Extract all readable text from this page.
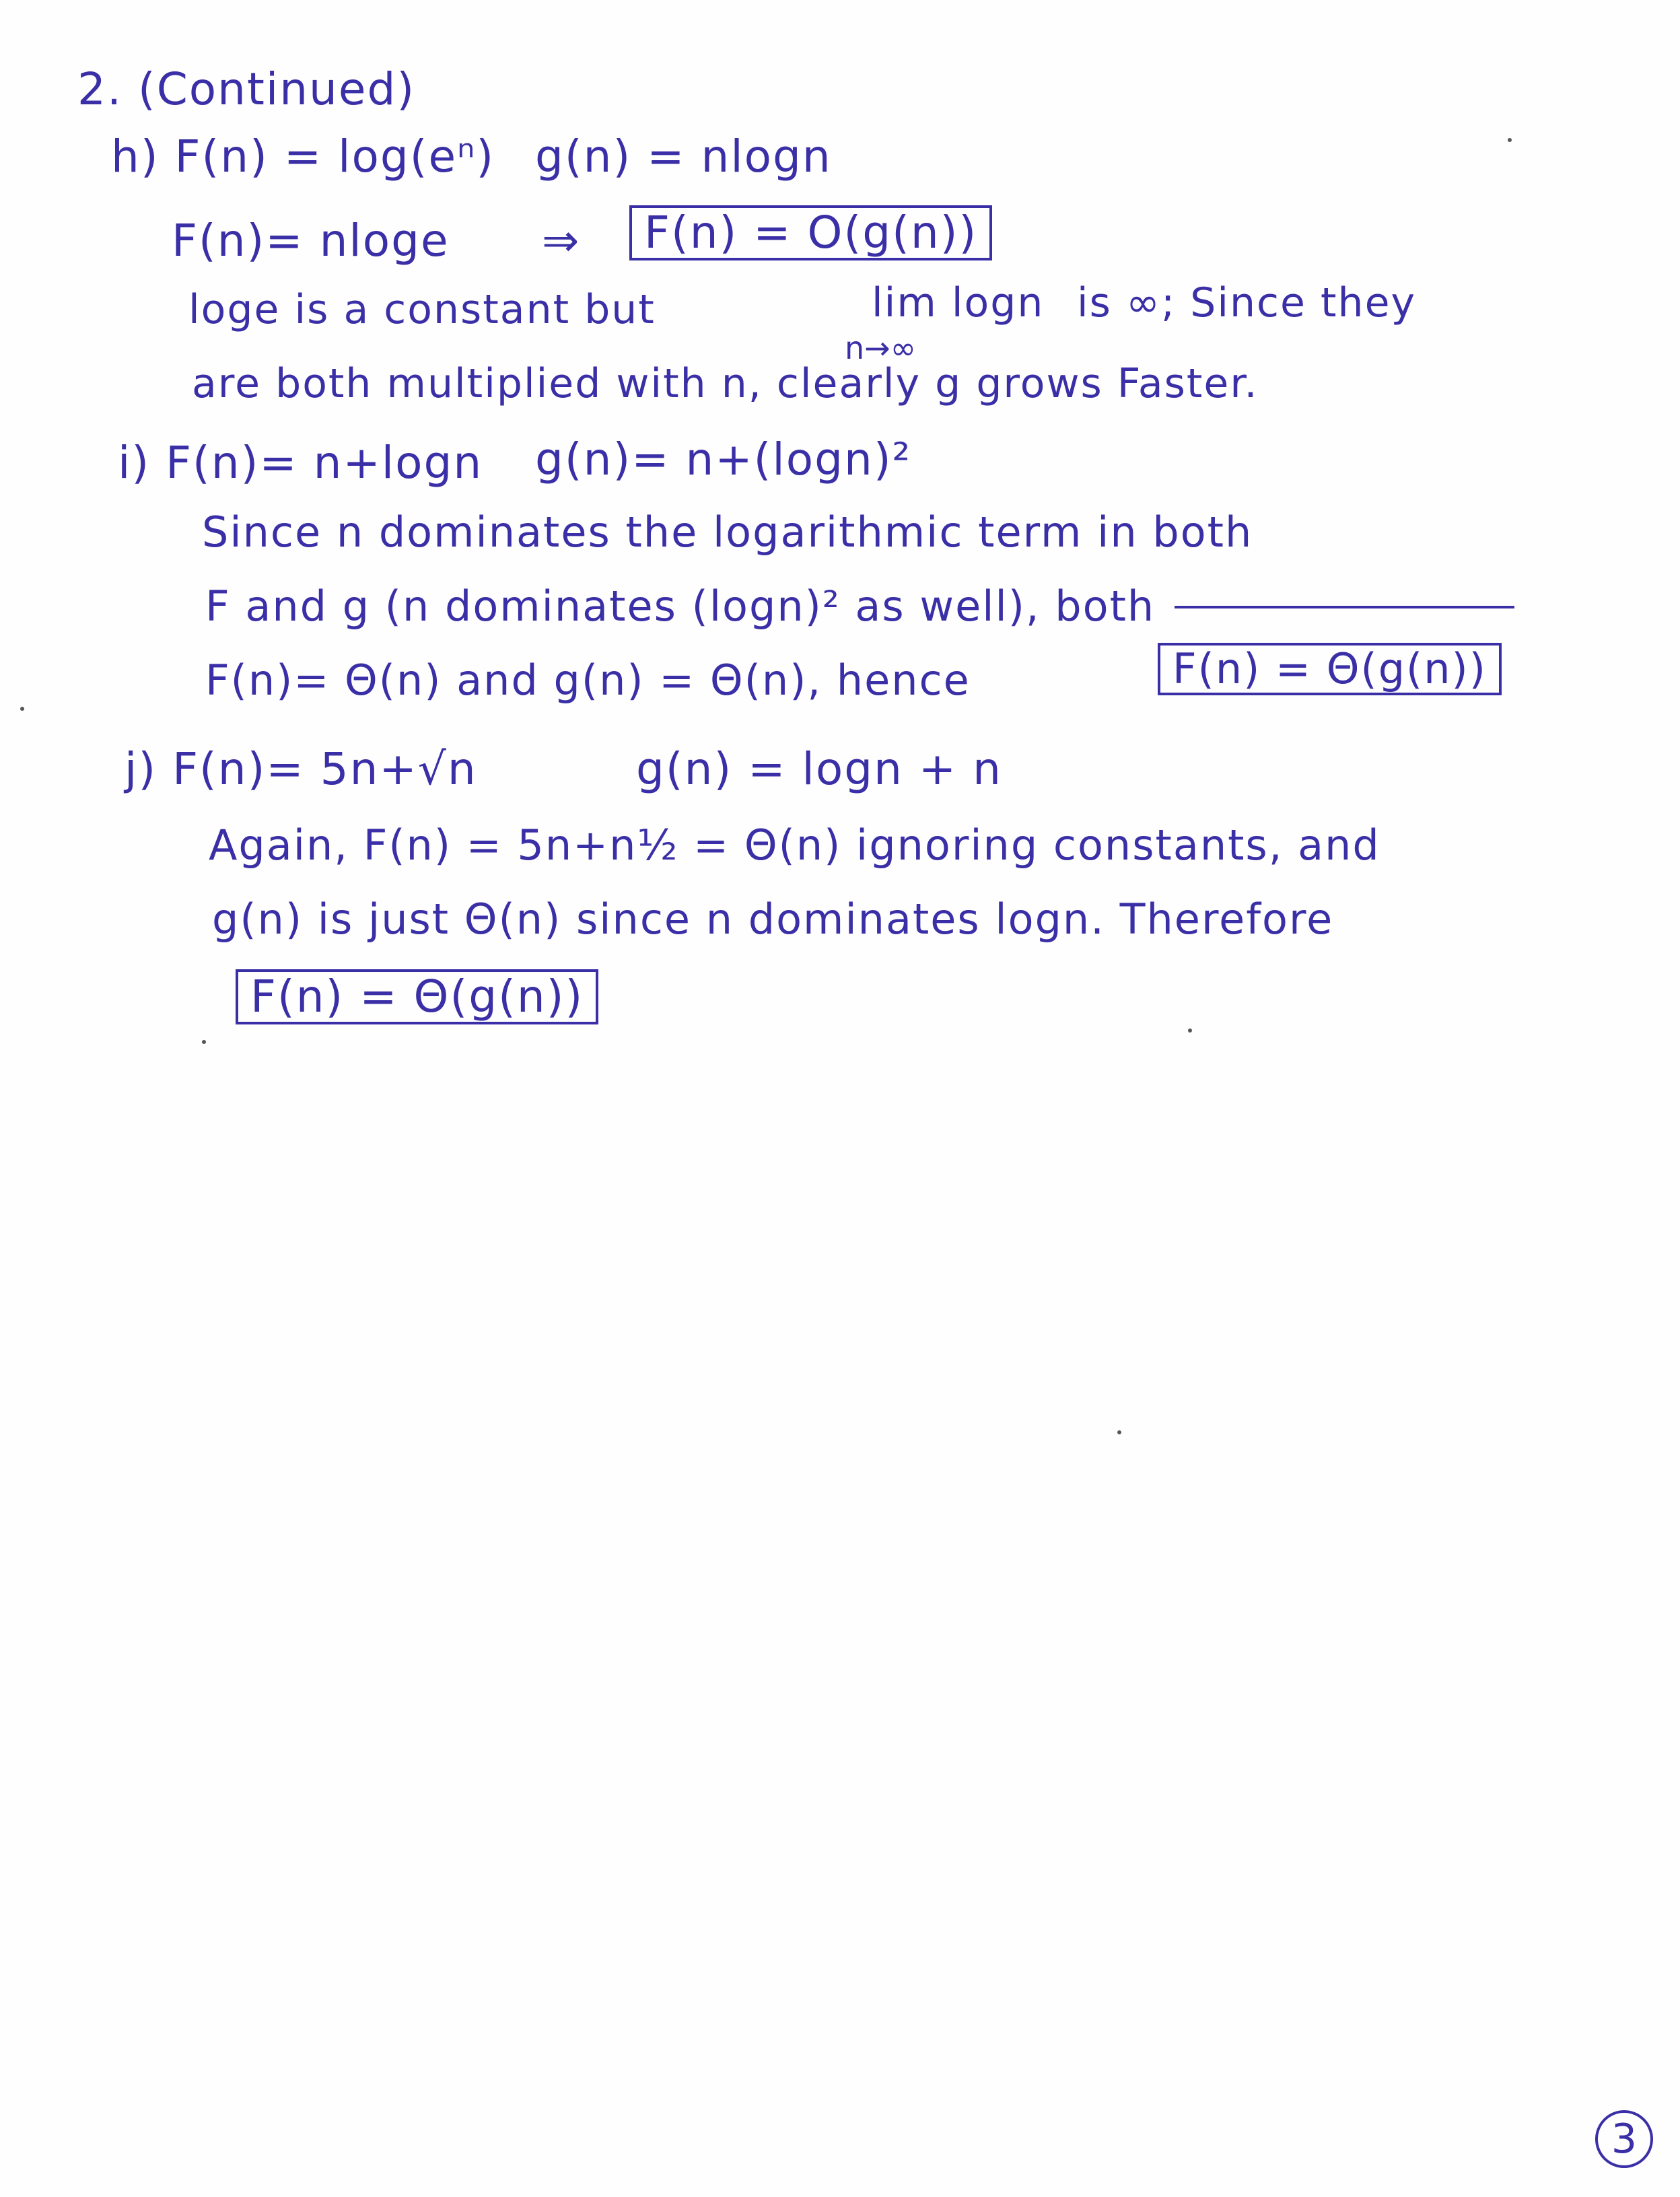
2. (Continued)
h) F(n) = log(eⁿ) g(n) = nlogn
F(n)= nloge ⇒	F(n) = O(g(n))
loge is a constant but	lim logn
n→∞
is ∞; Since they
are both multiplied with n, clearly g grows Faster.
i) F(n)= n+logn g(n)= n+(logn)²
Since n dominates the logarithmic term in both
F and g (n dominates (logn)² as well), both
F(n)= Θ(n) and g(n) = Θ(n), hence	F(n) = Θ(g(n))
j) F(n)= 5n+√n	g(n) = logn + n
Again, F(n) = 5n+n½ = Θ(n) ignoring constants, and
g(n) is just Θ(n) since n dominates logn. Therefore
F(n) = Θ(g(n))
3
